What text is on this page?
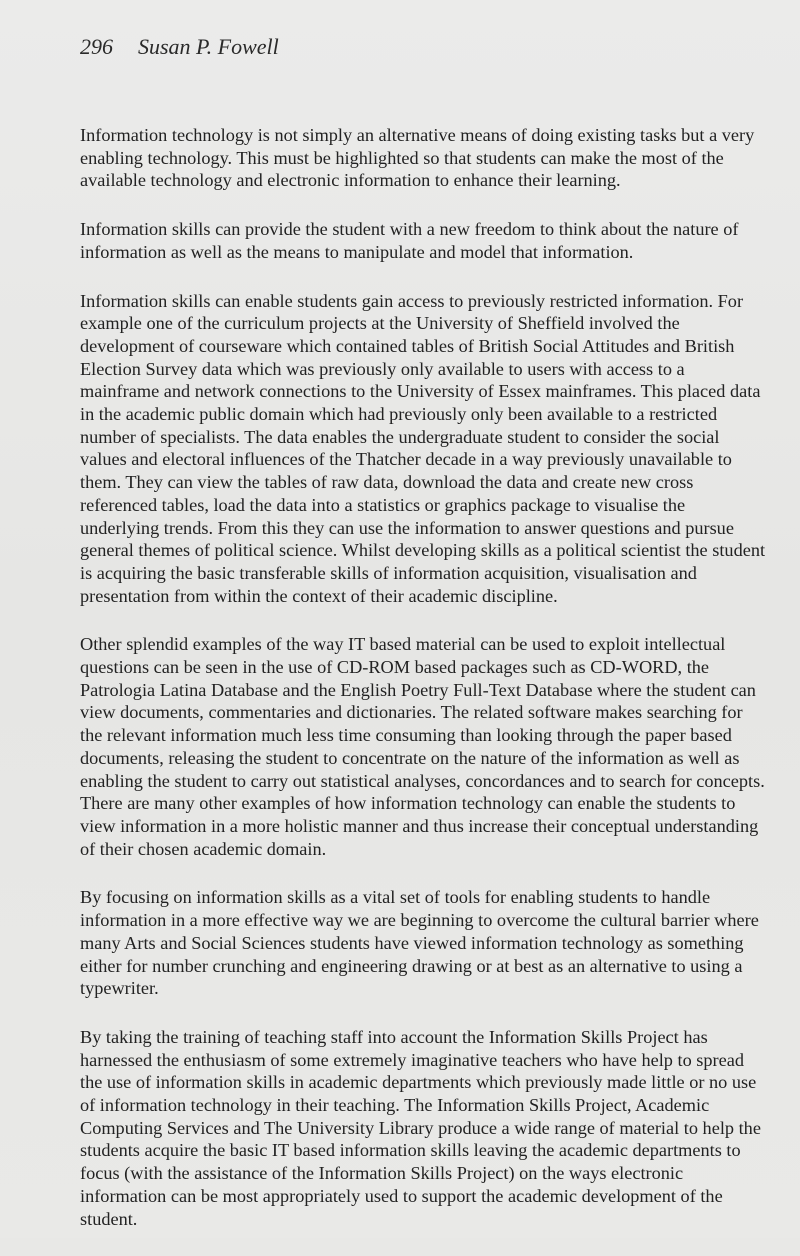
296 Susan P. Fowell

Information technology is not simply an alternative means of doing existing tasks but a very enabling technology. This must be highlighted so that students can make the most of the available technology and electronic information to enhance their learning.

Information skills can provide the student with a new freedom to think about the nature of information as well as the means to manipulate and model that information.

Information skills can enable students gain access to previously restricted information. For example one of the curriculum projects at the University of Sheffield involved the development of courseware which contained tables of British Social Attitudes and British Election Survey data which was previously only available to users with access to a mainframe and network connections to the University of Essex mainframes. This placed data in the academic public domain which had previously only been available to a restricted number of specialists. The data enables the undergraduate student to consider the social values and electoral influences of the Thatcher decade in a way previously unavailable to them. They can view the tables of raw data, download the data and create new cross referenced tables, load the data into a statistics or graphics package to visualise the underlying trends. From this they can use the information to answer questions and pursue general themes of political science. Whilst developing skills as a political scientist the student is acquiring the basic transferable skills of information acquisition, visualisation and presentation from within the context of their academic discipline.

Other splendid examples of the way IT based material can be used to exploit intellectual questions can be seen in the use of CD-ROM based packages such as CD-WORD, the Patrologia Latina Database and the English Poetry Full-Text Database where the student can view documents, commentaries and dictionaries. The related software makes searching for the relevant information much less time consuming than looking through the paper based documents, releasing the student to concentrate on the nature of the information as well as enabling the student to carry out statistical analyses, concordances and to search for concepts. There are many other examples of how information technology can enable the students to view information in a more holistic manner and thus increase their conceptual understanding of their chosen academic domain.

By focusing on information skills as a vital set of tools for enabling students to handle information in a more effective way we are beginning to overcome the cultural barrier where many Arts and Social Sciences students have viewed information technology as something either for number crunching and engineering drawing or at best as an alternative to using a typewriter.

By taking the training of teaching staff into account the Information Skills Project has harnessed the enthusiasm of some extremely imaginative teachers who have help to spread the use of information skills in academic departments which previously made little or no use of information technology in their teaching. The Information Skills Project, Academic Computing Services and The University Library produce a wide range of material to help the students acquire the basic IT based information skills leaving the academic departments to focus (with the assistance of the Information Skills Project) on the ways electronic information can be most appropriately used to support the academic development of the student.
